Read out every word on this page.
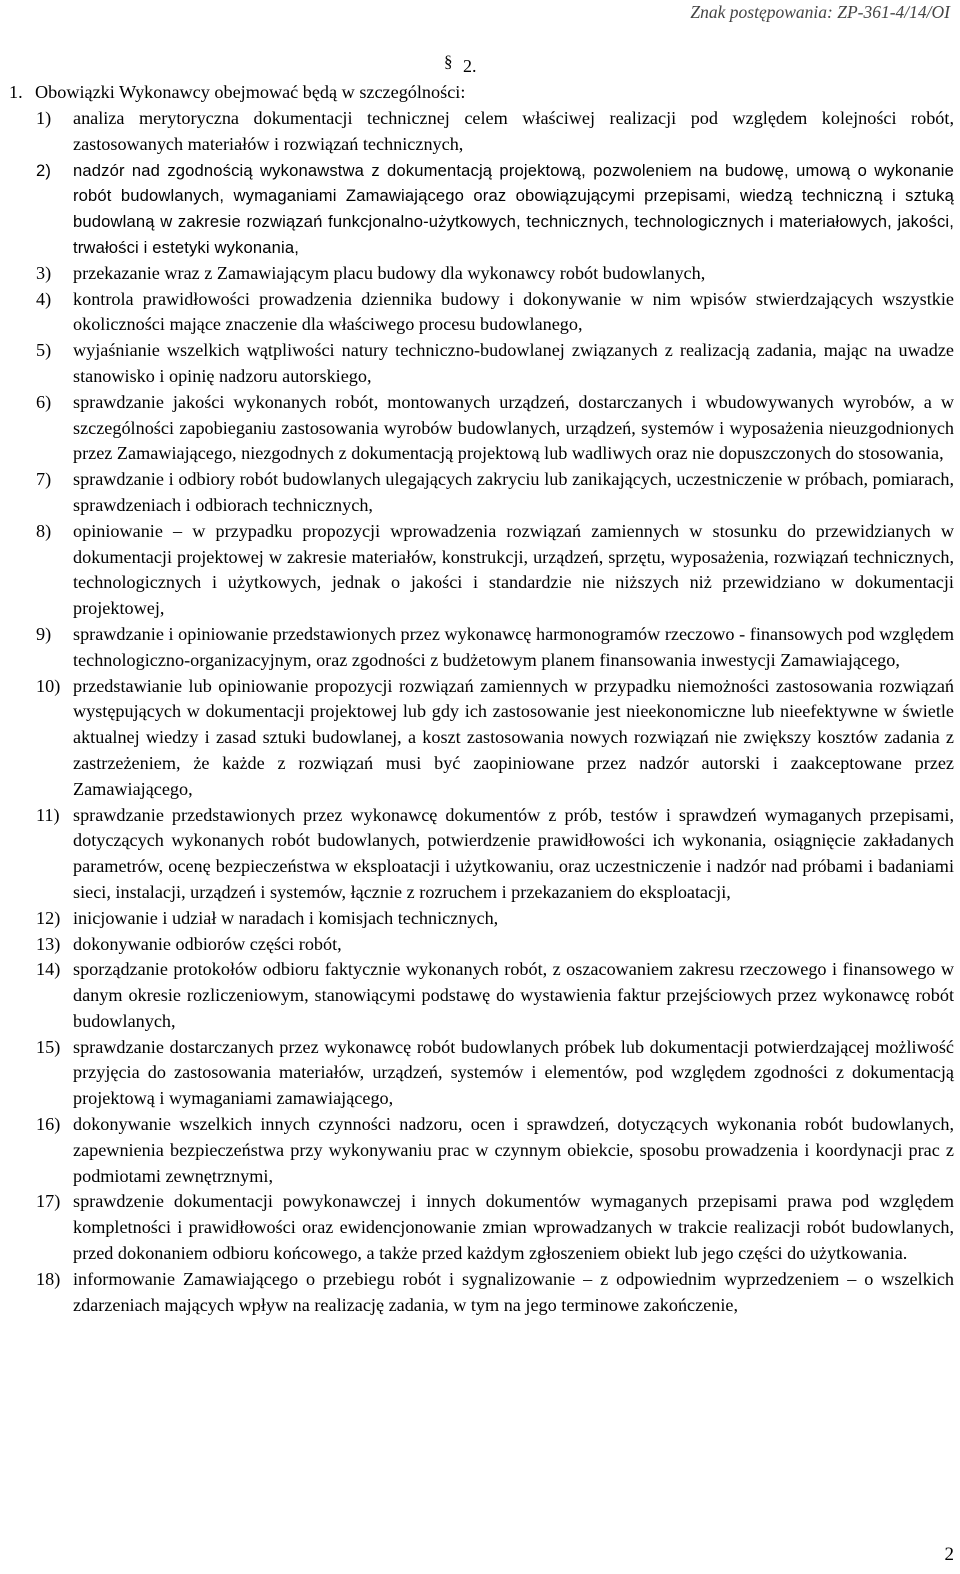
Znak postępowania: ZP-361-4/14/OI
§ 2.
1. Obowiązki Wykonawcy obejmować będą w szczególności:
1) analiza merytoryczna dokumentacji technicznej celem właściwej realizacji pod względem kolejności robót, zastosowanych materiałów i rozwiązań technicznych,
2) nadzór nad zgodnością wykonawstwa z dokumentacją projektową, pozwoleniem na budowę, umową o wykonanie robót budowlanych, wymaganiami Zamawiającego oraz obowiązującymi przepisami, wiedzą techniczną i sztuką budowlaną w zakresie rozwiązań funkcjonalno-użytkowych, technicznych, technologicznych i materiałowych, jakości, trwałości i estetyki wykonania,
3) przekazanie wraz z Zamawiającym placu budowy dla wykonawcy robót budowlanych,
4) kontrola prawidłowości prowadzenia dziennika budowy i dokonywanie w nim wpisów stwierdzających wszystkie okoliczności mające znaczenie dla właściwego procesu budowlanego,
5) wyjaśnianie wszelkich wątpliwości natury techniczno-budowlanej związanych z realizacją zadania, mając na uwadze stanowisko i opinię nadzoru autorskiego,
6) sprawdzanie jakości wykonanych robót, montowanych urządzeń, dostarczanych i wbudowywanych wyrobów, a w szczególności zapobieganiu zastosowania wyrobów budowlanych, urządzeń, systemów i wyposażenia nieuzgodnionych przez Zamawiającego, niezgodnych z dokumentacją projektową lub wadliwych oraz nie dopuszczonych do stosowania,
7) sprawdzanie i odbiory robót budowlanych ulegających zakryciu lub zanikających, uczestniczenie w próbach, pomiarach, sprawdzeniach i odbiorach technicznych,
8) opiniowanie – w przypadku propozycji wprowadzenia rozwiązań zamiennych w stosunku do przewidzianych w dokumentacji projektowej w zakresie materiałów, konstrukcji, urządzeń, sprzętu, wyposażenia, rozwiązań technicznych, technologicznych i użytkowych, jednak o jakości i standardzie nie niższych niż przewidziano w dokumentacji projektowej,
9) sprawdzanie i opiniowanie przedstawionych przez wykonawcę harmonogramów rzeczowo - finansowych pod względem technologiczno-organizacyjnym, oraz zgodności z budżetowym planem finansowania inwestycji Zamawiającego,
10) przedstawianie lub opiniowanie propozycji rozwiązań zamiennych w przypadku niemożności zastosowania rozwiązań występujących w dokumentacji projektowej lub gdy ich zastosowanie jest nieekonomiczne lub nieefektywne w świetle aktualnej wiedzy i zasad sztuki budowlanej, a koszt zastosowania nowych rozwiązań nie zwiększy kosztów zadania z zastrzeżeniem, że każde z rozwiązań musi być zaopiniowane przez nadzór autorski i zaakceptowane przez Zamawiającego,
11) sprawdzanie przedstawionych przez wykonawcę dokumentów z prób, testów i sprawdzeń wymaganych przepisami, dotyczących wykonanych robót budowlanych, potwierdzenie prawidłowości ich wykonania, osiągnięcie zakładanych parametrów, ocenę bezpieczeństwa w eksploatacji i użytkowaniu, oraz uczestniczenie i nadzór nad próbami i badaniami sieci, instalacji, urządzeń i systemów, łącznie z rozruchem i przekazaniem do eksploatacji,
12) inicjowanie i udział w naradach i komisjach technicznych,
13) dokonywanie odbiorów części robót,
14) sporządzanie protokołów odbioru faktycznie wykonanych robót, z oszacowaniem zakresu rzeczowego i finansowego w danym okresie rozliczeniowym, stanowiącymi podstawę do wystawienia faktur przejściowych przez wykonawcę robót budowlanych,
15) sprawdzanie dostarczanych przez wykonawcę robót budowlanych próbek lub dokumentacji potwierdzającej możliwość przyjęcia do zastosowania materiałów, urządzeń, systemów i elementów, pod względem zgodności z dokumentacją projektową i wymaganiami zamawiającego,
16) dokonywanie wszelkich innych czynności nadzoru, ocen i sprawdzeń, dotyczących wykonania robót budowlanych, zapewnienia bezpieczeństwa przy wykonywaniu prac w czynnym obiekcie, sposobu prowadzenia i koordynacji prac z podmiotami zewnętrznymi,
17) sprawdzenie dokumentacji powykonawczej i innych dokumentów wymaganych przepisami prawa pod względem kompletności i prawidłowości oraz ewidencjonowanie zmian wprowadzanych w trakcie realizacji robót budowlanych, przed dokonaniem odbioru końcowego, a także przed każdym zgłoszeniem obiekt lub jego części do użytkowania.
18) informowanie Zamawiającego o przebiegu robót i sygnalizowanie – z odpowiednim wyprzedzeniem – o wszelkich zdarzeniach mających wpływ na realizację zadania, w tym na jego terminowe zakończenie,
2
